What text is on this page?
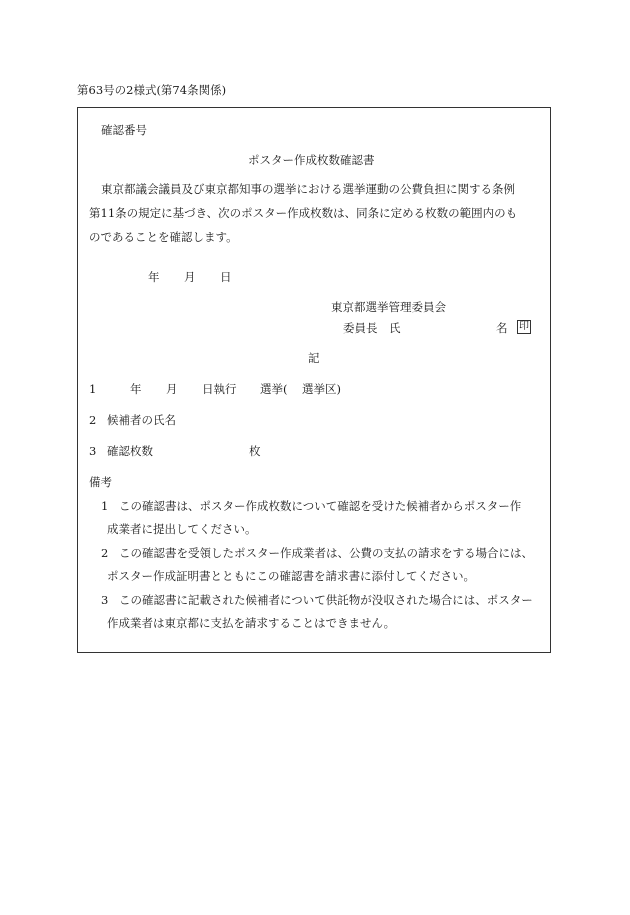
第63号の2様式(第74条関係)
確認番号
ポスター作成枚数確認書
東京都議会議員及び東京都知事の選挙における選挙運動の公費負担に関する条例
第11条の規定に基づき、次のポスター作成枚数は、同条に定める枚数の範囲内のも
のであることを確認します。
年 月 日
東京都選挙管理委員会
委員長　氏	名 印
記
1	年 月 日執行 選挙( 選挙区)
2 候補者の氏名
3 確認枚数	枚
備考
1 この確認書は、ポスター作成枚数について確認を受けた候補者からポスター作
成業者に提出してください。
2 この確認書を受領したポスター作成業者は、公費の支払の請求をする場合には、
ポスター作成証明書とともにこの確認書を請求書に添付してください。
3 この確認書に記載された候補者について供託物が没収された場合には、ポスター
作成業者は東京都に支払を請求することはできません。
